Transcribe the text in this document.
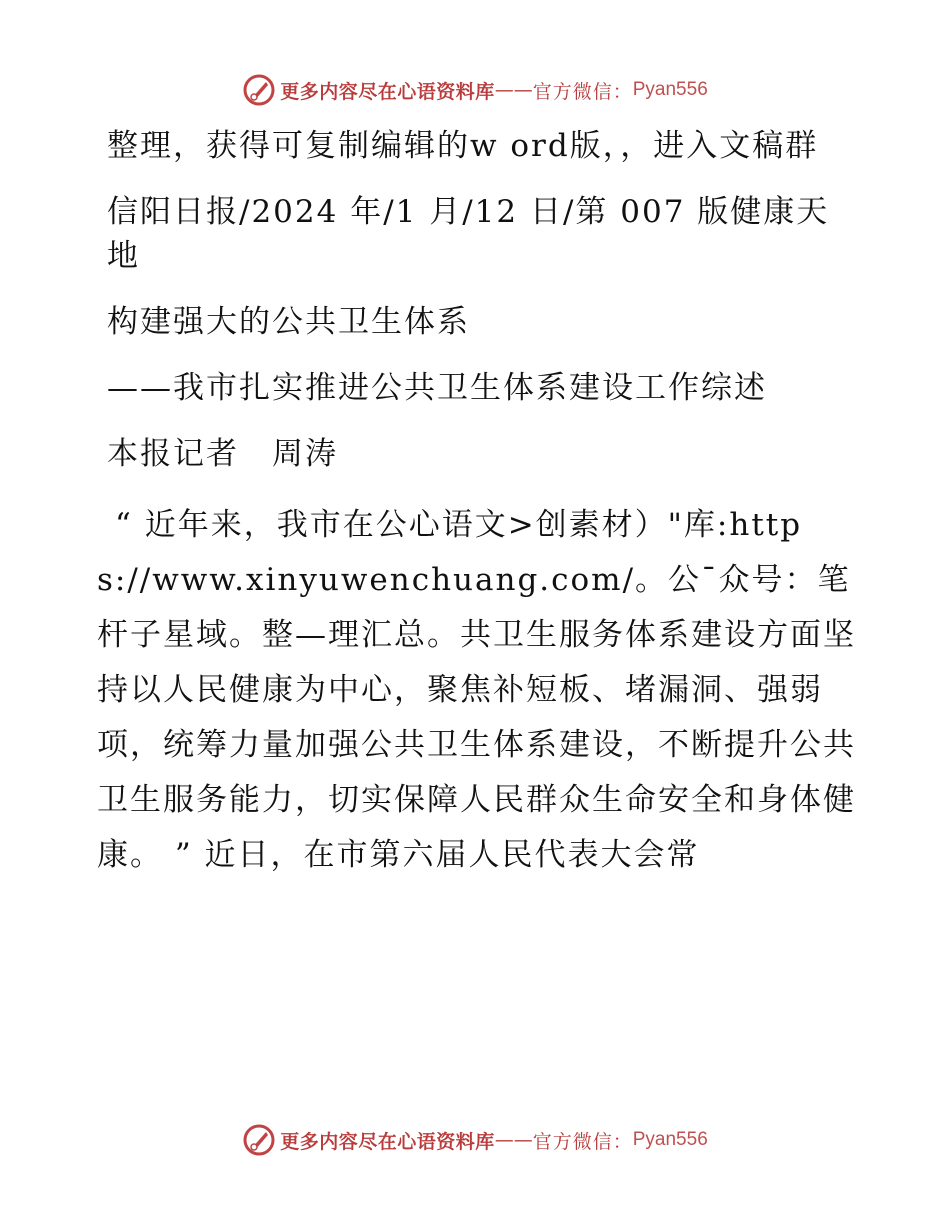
更多内容尽在心语资料库 —— 官方微信： Pyan556

整理，获得可复制编辑的w ord版，，进入文稿群

信阳日报/2024 年/1 月/12 日/第 007 版健康天地

构建强大的公共卫生体系

——我市扎实推进公共卫生体系建设工作综述

本报记者　周涛

“ 近年来，我市在公心语文>创素材）"库:https://www.xinyuwenchuang.com/。公¯众号：笔杆子星域。整—理汇总。共卫生服务体系建设方面坚持以人民健康为中心，聚焦补短板、堵漏洞、强弱项，统筹力量加强公共卫生体系建设，不断提升公共卫生服务能力，切实保障人民群众生命安全和身体健康。 ” 近日，在市第六届人民代表大会常

更多内容尽在心语资料库 —— 官方微信： Pyan556
